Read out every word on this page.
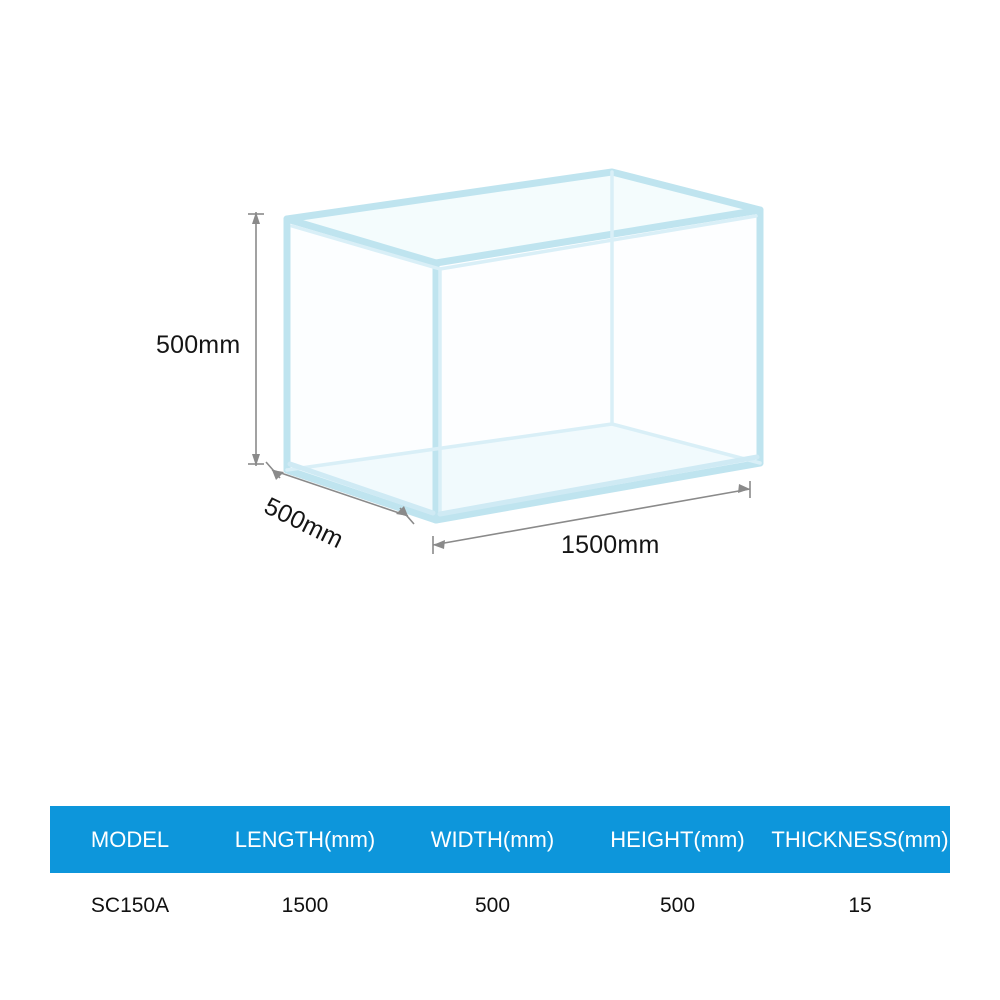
500mm
1500mm
500mm
MODEL	LENGTH(mm)	WIDTH(mm)	HEIGHT(mm)	THICKNESS(mm)
SC150A	1500	500	500	15
